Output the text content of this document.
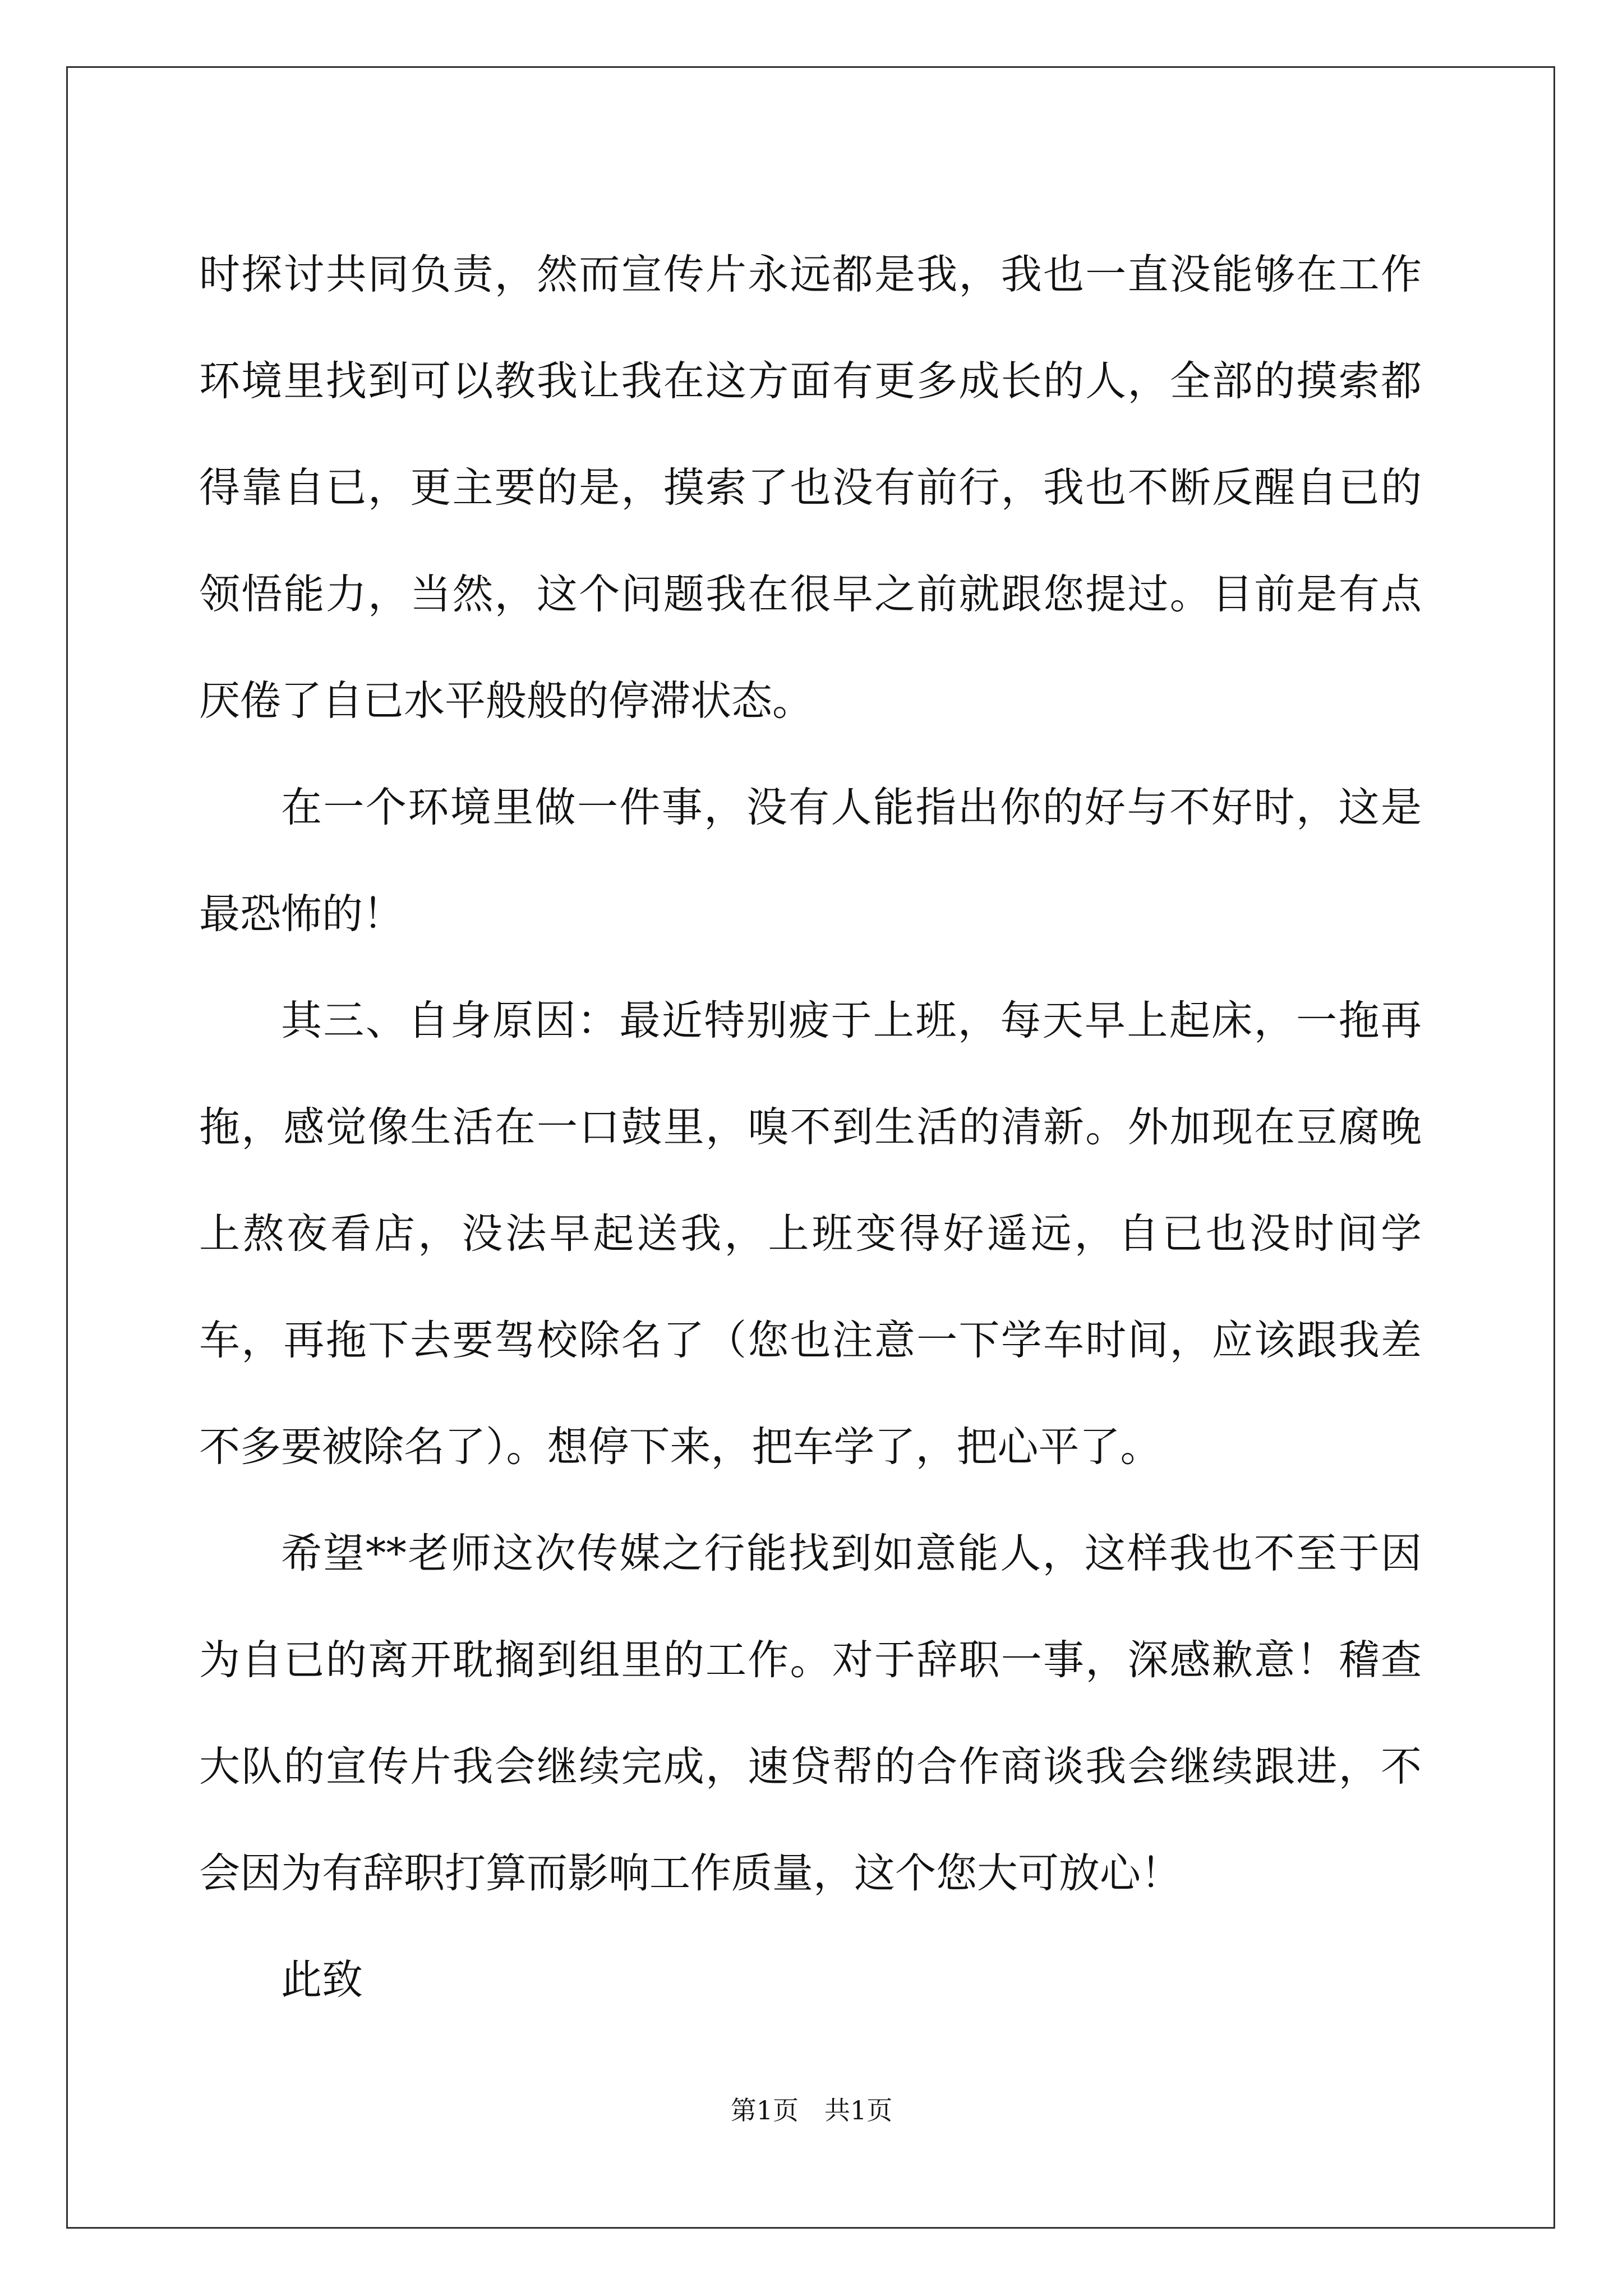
时探讨共同负责，然而宣传片永远都是我，我也一直没能够在工作环境里找到可以教我让我在这方面有更多成长的人，全部的摸索都得靠自已，更主要的是，摸索了也没有前行，我也不断反醒自已的领悟能力，当然，这个问题我在很早之前就跟您提过。目前是有点厌倦了自已水平般般的停滞状态。

在一个环境里做一件事，没有人能指出你的好与不好时，这是最恐怖的！

其三、自身原因：最近特别疲于上班，每天早上起床，一拖再拖，感觉像生活在一口鼓里，嗅不到生活的清新。外加现在豆腐晚上熬夜看店，没法早起送我，上班变得好遥远，自已也没时间学车，再拖下去要驾校除名了（您也注意一下学车时间，应该跟我差不多要被除名了）。想停下来，把车学了，把心平了。

希望**老师这次传媒之行能找到如意能人，这样我也不至于因为自已的离开耽搁到组里的工作。对于辞职一事，深感歉意！稽查大队的宣传片我会继续完成，速贷帮的合作商谈我会继续跟进，不会因为有辞职打算而影响工作质量，这个您大可放心！

此致

第1页　共1页
